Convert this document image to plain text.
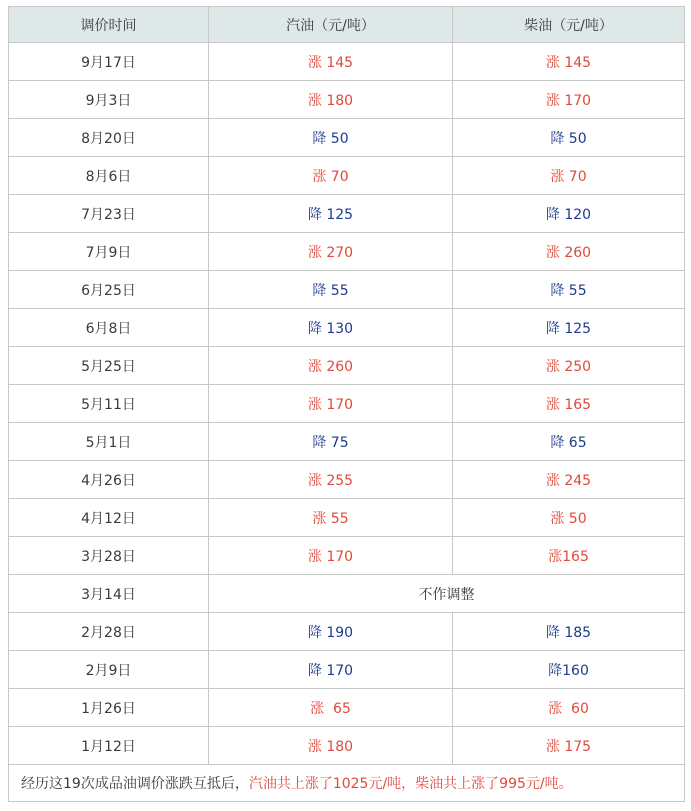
调价时间	汽油（元/吨）	柴油（元/吨）
9月17日	涨 145	涨 145
9月3日	涨 180	涨 170
8月20日	降 50	降 50
8月6日	涨 70	涨 70
7月23日	降 125	降 120
7月9日	涨 270	涨 260
6月25日	降 55	降 55
6月8日	降 130	降 125
5月25日	涨 260	涨 250
5月11日	涨 170	涨 165
5月1日	降 75	降 65
4月26日	涨 255	涨 245
4月12日	涨 55	涨 50
3月28日	涨 170	涨165
3月14日	不作调整	
2月28日	降 190	降 185
2月9日	降 170	降160
1月26日	涨  65	涨  60
1月12日	涨 180	涨 175
经历这19次成品油调价涨跌互抵后，汽油共上涨了1025元/吨，柴油共上涨了995元/吨。		
